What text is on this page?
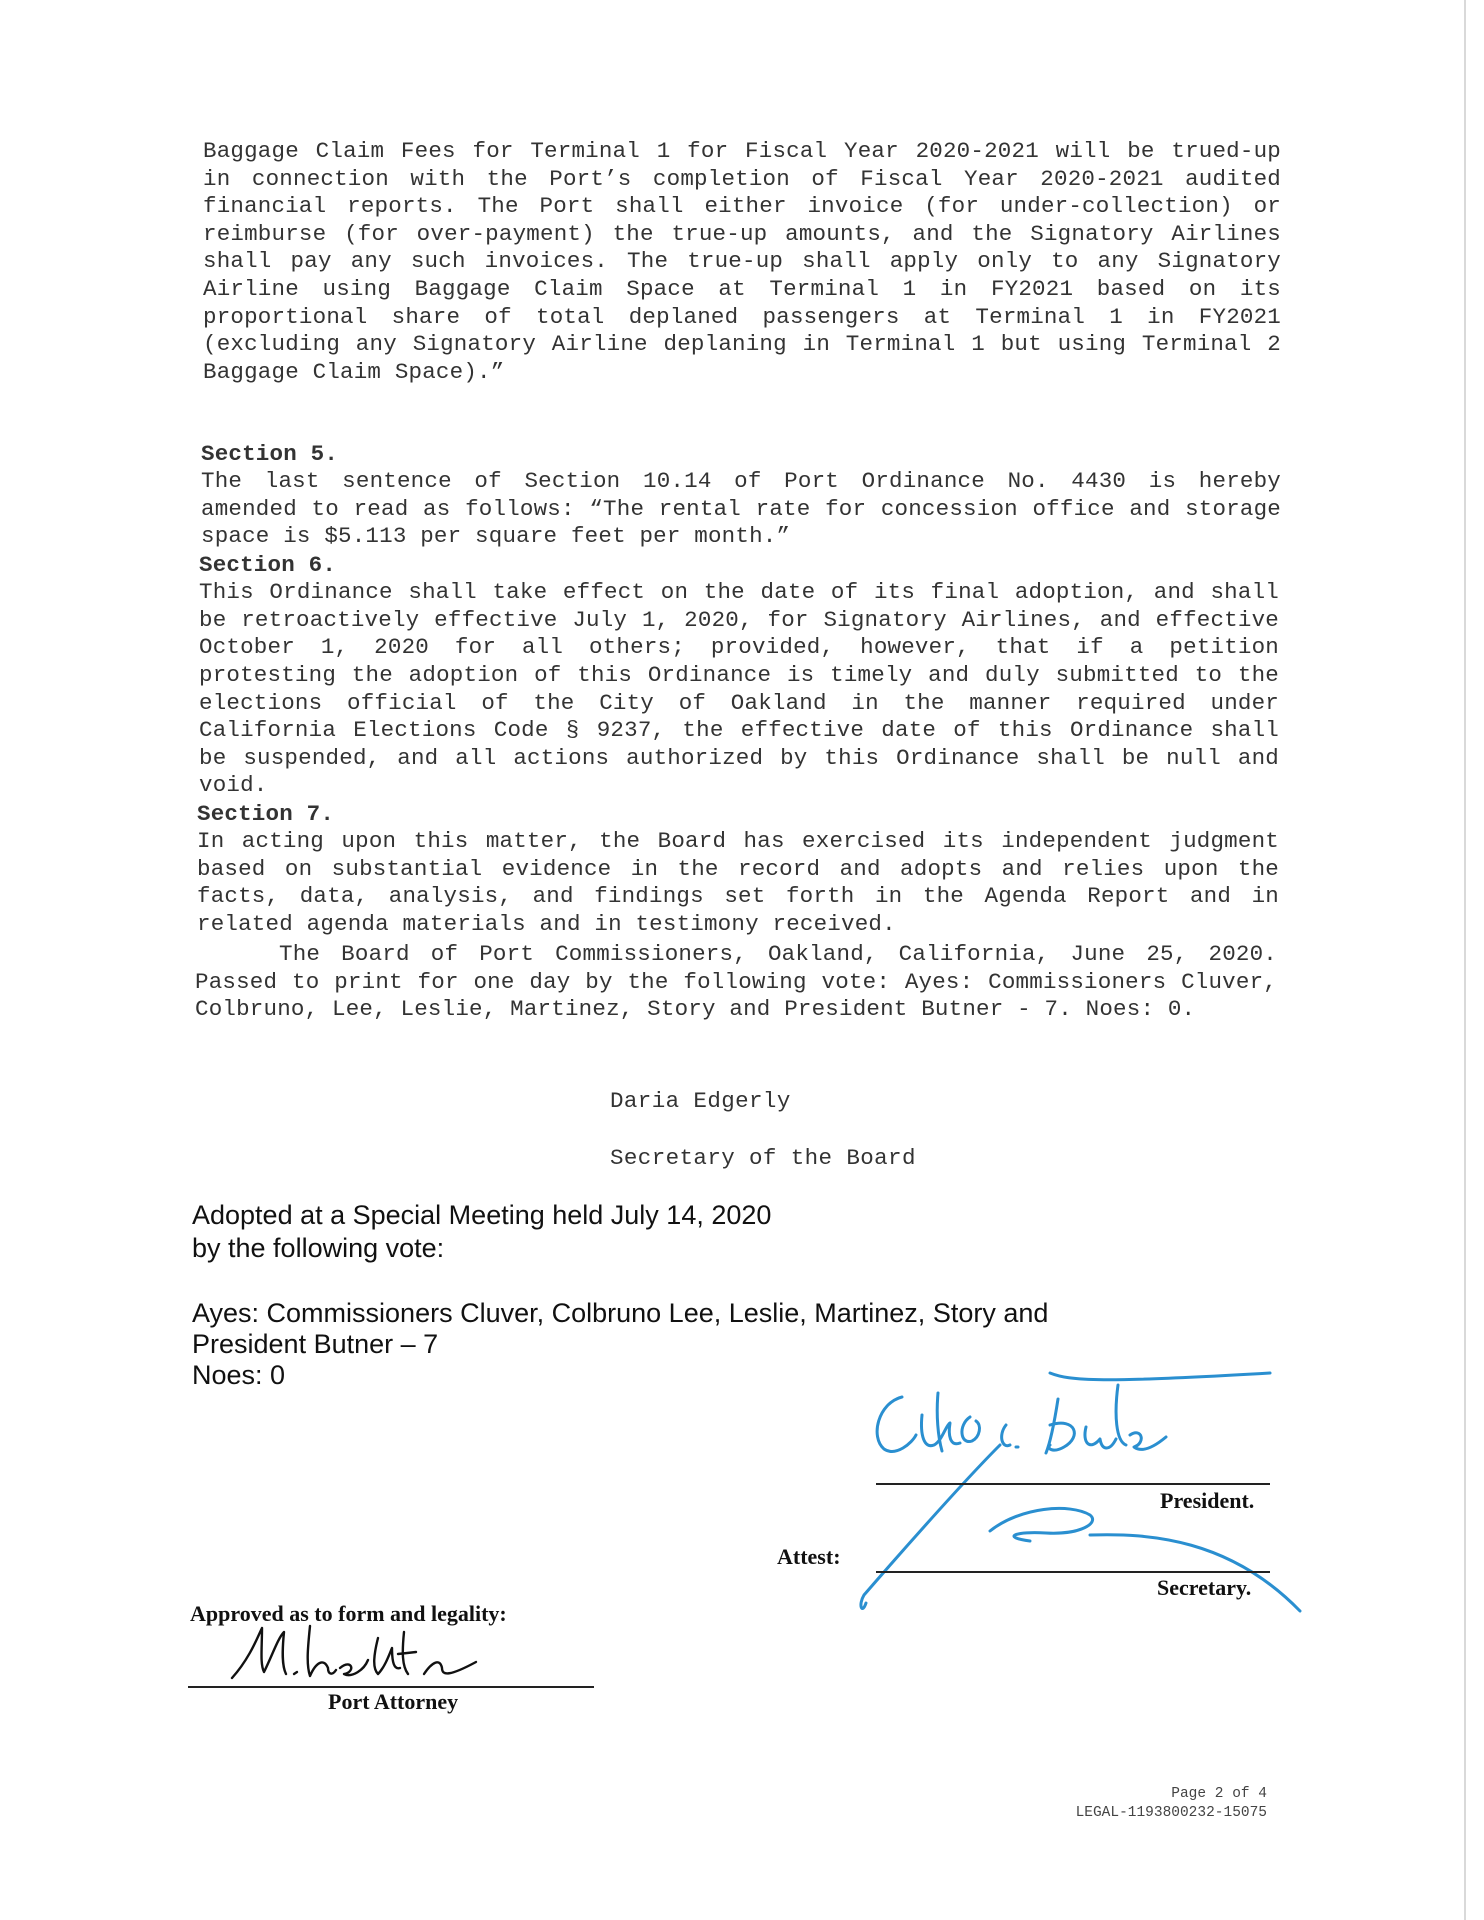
Baggage Claim Fees for Terminal 1 for Fiscal Year 2020-2021 will be trued-up in connection with the Port’s completion of Fiscal Year 2020-2021 audited financial reports. The Port shall either invoice (for under-collection) or reimburse (for over-payment) the true-up amounts, and the Signatory Airlines shall pay any such invoices. The true-up shall apply only to any Signatory Airline using Baggage Claim Space at Terminal 1 in FY2021 based on its proportional share of total deplaned passengers at Terminal 1 in FY2021 (excluding any Signatory Airline deplaning in Terminal 1 but using Terminal 2 Baggage Claim Space).”

Section 5.
The last sentence of Section 10.14 of Port Ordinance No. 4430 is hereby amended to read as follows: “The rental rate for concession office and storage space is $5.113 per square feet per month.”

Section 6.
This Ordinance shall take effect on the date of its final adoption, and shall be retroactively effective July 1, 2020, for Signatory Airlines, and effective October 1, 2020 for all others; provided, however, that if a petition protesting the adoption of this Ordinance is timely and duly submitted to the elections official of the City of Oakland in the manner required under California Elections Code § 9237, the effective date of this Ordinance shall be suspended, and all actions authorized by this Ordinance shall be null and void.

Section 7.
In acting upon this matter, the Board has exercised its independent judgment based on substantial evidence in the record and adopts and relies upon the facts, data, analysis, and findings set forth in the Agenda Report and in related agenda materials and in testimony received.

The Board of Port Commissioners, Oakland, California, June 25, 2020. Passed to print for one day by the following vote: Ayes: Commissioners Cluver, Colbruno, Lee, Leslie, Martinez, Story and President Butner - 7. Noes: 0.

Daria Edgerly
Secretary of the Board
Adopted at a Special Meeting held July 14, 2020
by the following vote:
Ayes: Commissioners Cluver, Colbruno Lee, Leslie, Martinez, Story and
President Butner – 7
Noes: 0
President.
Attest:
Secretary.
Approved as to form and legality:
Port Attorney
Page 2 of 4
LEGAL-1193800232-15075
